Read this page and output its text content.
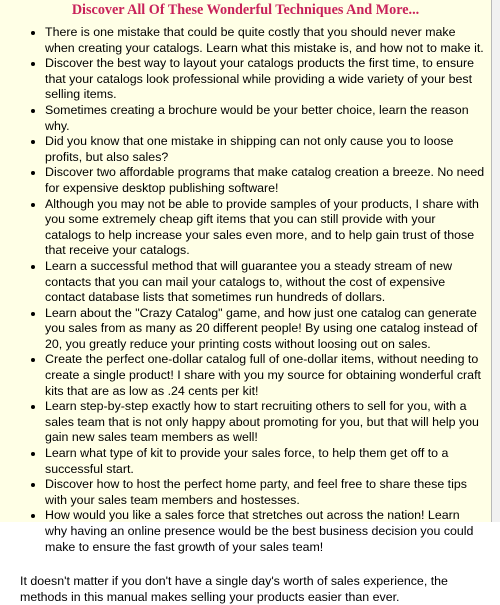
Discover All Of These Wonderful Techniques And More...
• There is one mistake that could be quite costly that you should never make when creating your catalogs. Learn what this mistake is, and how not to make it.
• Discover the best way to layout your catalogs products the first time, to ensure that your catalogs look professional while providing a wide variety of your best selling items.
• Sometimes creating a brochure would be your better choice, learn the reason why.
• Did you know that one mistake in shipping can not only cause you to loose profits, but also sales?
• Discover two affordable programs that make catalog creation a breeze. No need for expensive desktop publishing software!
• Although you may not be able to provide samples of your products, I share with you some extremely cheap gift items that you can still provide with your catalogs to help increase your sales even more, and to help gain trust of those that receive your catalogs.
• Learn a successful method that will guarantee you a steady stream of new contacts that you can mail your catalogs to, without the cost of expensive contact database lists that sometimes run hundreds of dollars.
• Learn about the "Crazy Catalog" game, and how just one catalog can generate you sales from as many as 20 different people! By using one catalog instead of 20, you greatly reduce your printing costs without loosing out on sales.
• Create the perfect one-dollar catalog full of one-dollar items, without needing to create a single product! I share with you my source for obtaining wonderful craft kits that are as low as .24 cents per kit!
• Learn step-by-step exactly how to start recruiting others to sell for you, with a sales team that is not only happy about promoting for you, but that will help you gain new sales team members as well!
• Learn what type of kit to provide your sales force, to help them get off to a successful start.
• Discover how to host the perfect home party, and feel free to share these tips with your sales team members and hostesses.
• How would you like a sales force that stretches out across the nation! Learn why having an online presence would be the best business decision you could make to ensure the fast growth of your sales team!

It doesn't matter if you don't have a single day's worth of sales experience, the methods in this manual makes selling your products easier than ever.
